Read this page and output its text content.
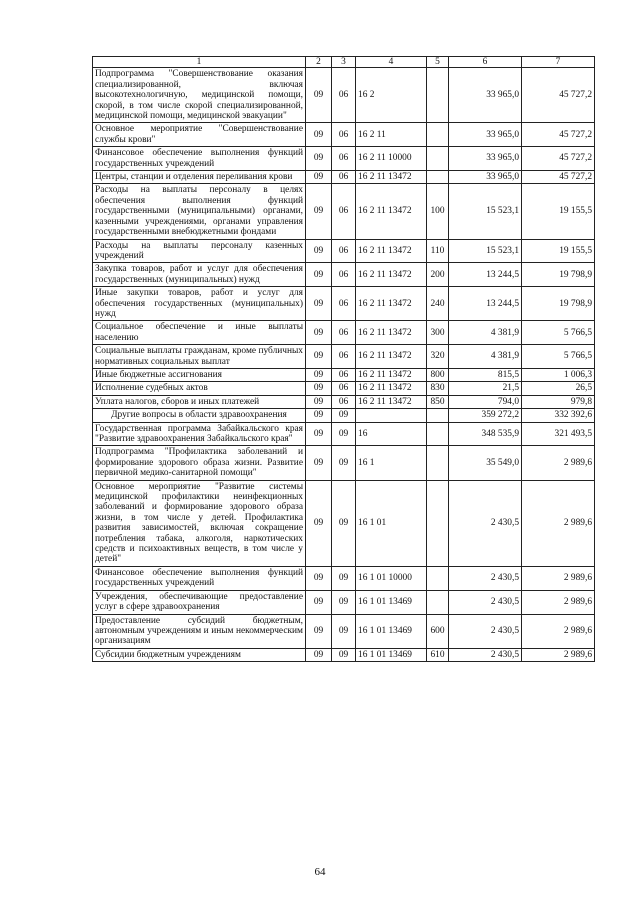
1	2	3	4	5	6	7
Подпрограмма "Совершенствование оказания специализированной, включая высокотехнологичную, медицинской помощи, скорой, в том числе скорой специализированной, медицинской помощи, медицинской эвакуации"	09	06	16 2		33 965,0	45 727,2
Основное мероприятие "Совершенствование службы крови"	09	06	16 2 11		33 965,0	45 727,2
Финансовое обеспечение выполнения функций государственных учреждений	09	06	16 2 11 10000		33 965,0	45 727,2
Центры, станции и отделения переливания крови	09	06	16 2 11 13472		33 965,0	45 727,2
Расходы на выплаты персоналу в целях обеспечения выполнения функций государственными (муниципальными) органами, казенными учреждениями, органами управления государственными внебюджетными фондами	09	06	16 2 11 13472	100	15 523,1	19 155,5
Расходы на выплаты персоналу казенных учреждений	09	06	16 2 11 13472	110	15 523,1	19 155,5
Закупка товаров, работ и услуг для обеспечения государственных (муниципальных) нужд	09	06	16 2 11 13472	200	13 244,5	19 798,9
Иные закупки товаров, работ и услуг для обеспечения государственных (муниципальных) нужд	09	06	16 2 11 13472	240	13 244,5	19 798,9
Социальное обеспечение и иные выплаты населению	09	06	16 2 11 13472	300	4 381,9	5 766,5
Социальные выплаты гражданам, кроме публичных нормативных социальных выплат	09	06	16 2 11 13472	320	4 381,9	5 766,5
Иные бюджетные ассигнования	09	06	16 2 11 13472	800	815,5	1 006,3
Исполнение судебных актов	09	06	16 2 11 13472	830	21,5	26,5
Уплата налогов, сборов и иных платежей	09	06	16 2 11 13472	850	794,0	979,8
Другие вопросы в области здравоохранения	09	09			359 272,2	332 392,6
Государственная программа Забайкальского края "Развитие здравоохранения Забайкальского края"	09	09	16		348 535,9	321 493,5
Подпрограмма "Профилактика заболеваний и формирование здорового образа жизни. Развитие первичной медико-санитарной помощи"	09	09	16 1		35 549,0	2 989,6
Основное мероприятие "Развитие системы медицинской профилактики неинфекционных заболеваний и формирование здорового образа жизни, в том числе у детей. Профилактика развития зависимостей, включая сокращение потребления табака, алкоголя, наркотических средств и психоактивных веществ, в том числе у детей"	09	09	16 1 01		2 430,5	2 989,6
Финансовое обеспечение выполнения функций государственных учреждений	09	09	16 1 01 10000		2 430,5	2 989,6
Учреждения, обеспечивающие предоставление услуг в сфере здравоохранения	09	09	16 1 01 13469		2 430,5	2 989,6
Предоставление субсидий бюджетным, автономным учреждениям и иным некоммерческим организациям	09	09	16 1 01 13469	600	2 430,5	2 989,6
Субсидии бюджетным учреждениям	09	09	16 1 01 13469	610	2 430,5	2 989,6
64
